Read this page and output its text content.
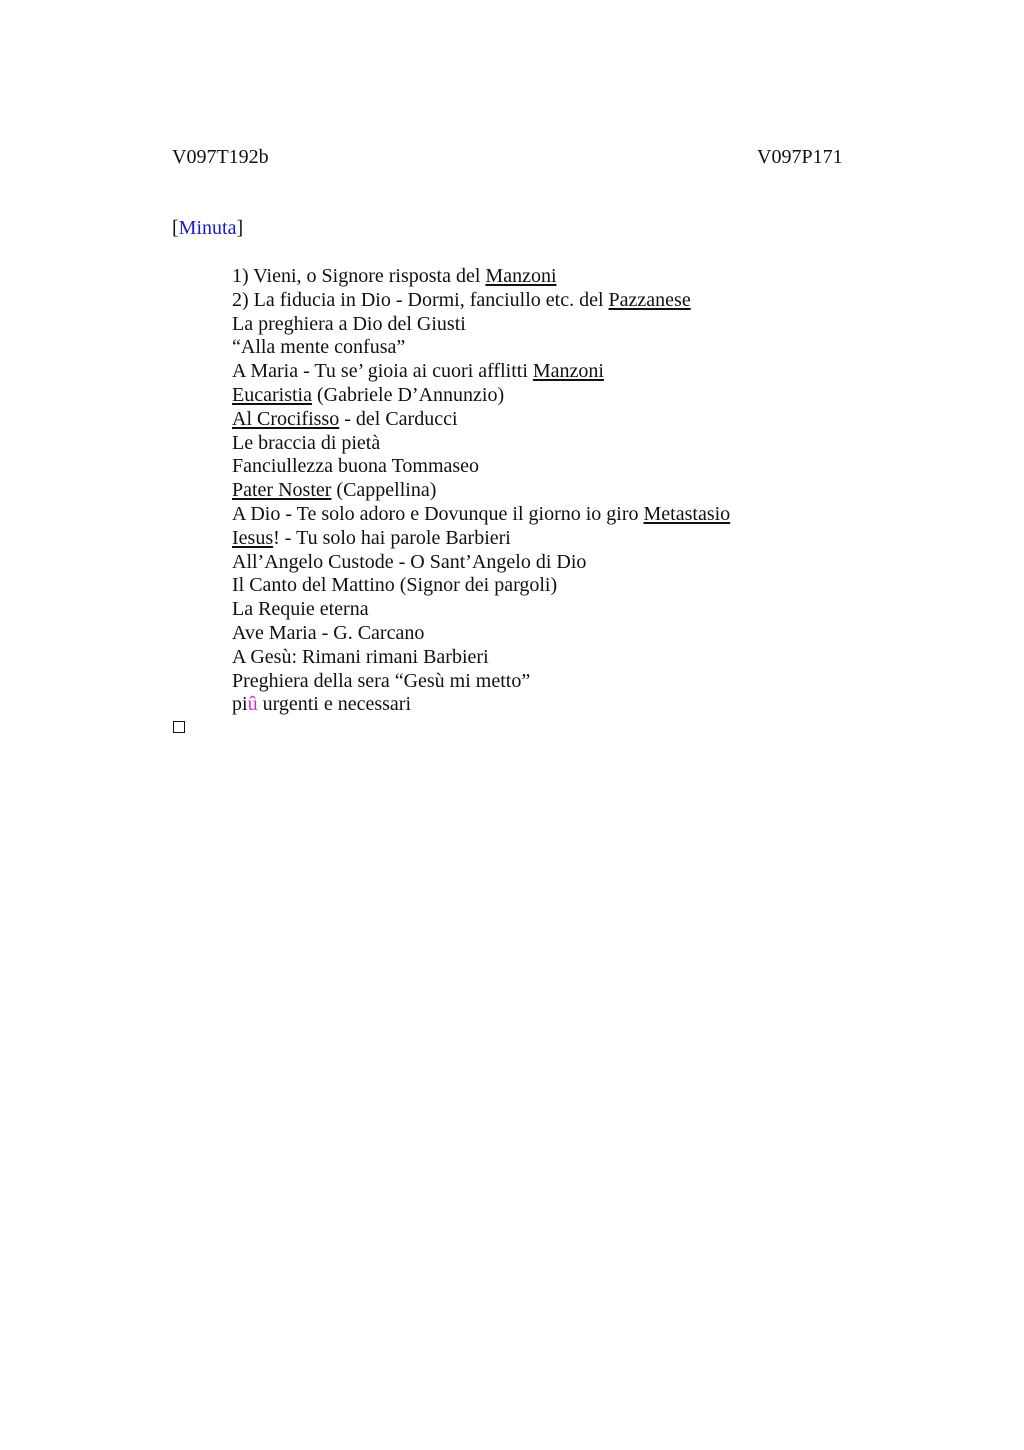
V097T192b	V097P171
[Minuta]
1) Vieni, o Signore risposta del Manzoni
2) La fiducia in Dio - Dormi, fanciullo etc. del Pazzanese
La preghiera a Dio del Giusti
“Alla mente confusa”
A Maria - Tu se’ gioia ai cuori afflitti Manzoni
Eucaristia (Gabriele D’Annunzio)
Al Crocifisso - del Carducci
Le braccia di pietà
Fanciullezza buona Tommaseo
Pater Noster (Cappellina)
A Dio - Te solo adoro e Dovunque il giorno io giro Metastasio
Iesus! - Tu solo hai parole Barbieri
All’Angelo Custode - O Sant’Angelo di Dio
Il Canto del Mattino (Signor dei pargoli)
La Requie eterna
Ave Maria - G. Carcano
A Gesù: Rimani rimani Barbieri
Preghiera della sera “Gesù mi metto”
piû urgenti e necessari
